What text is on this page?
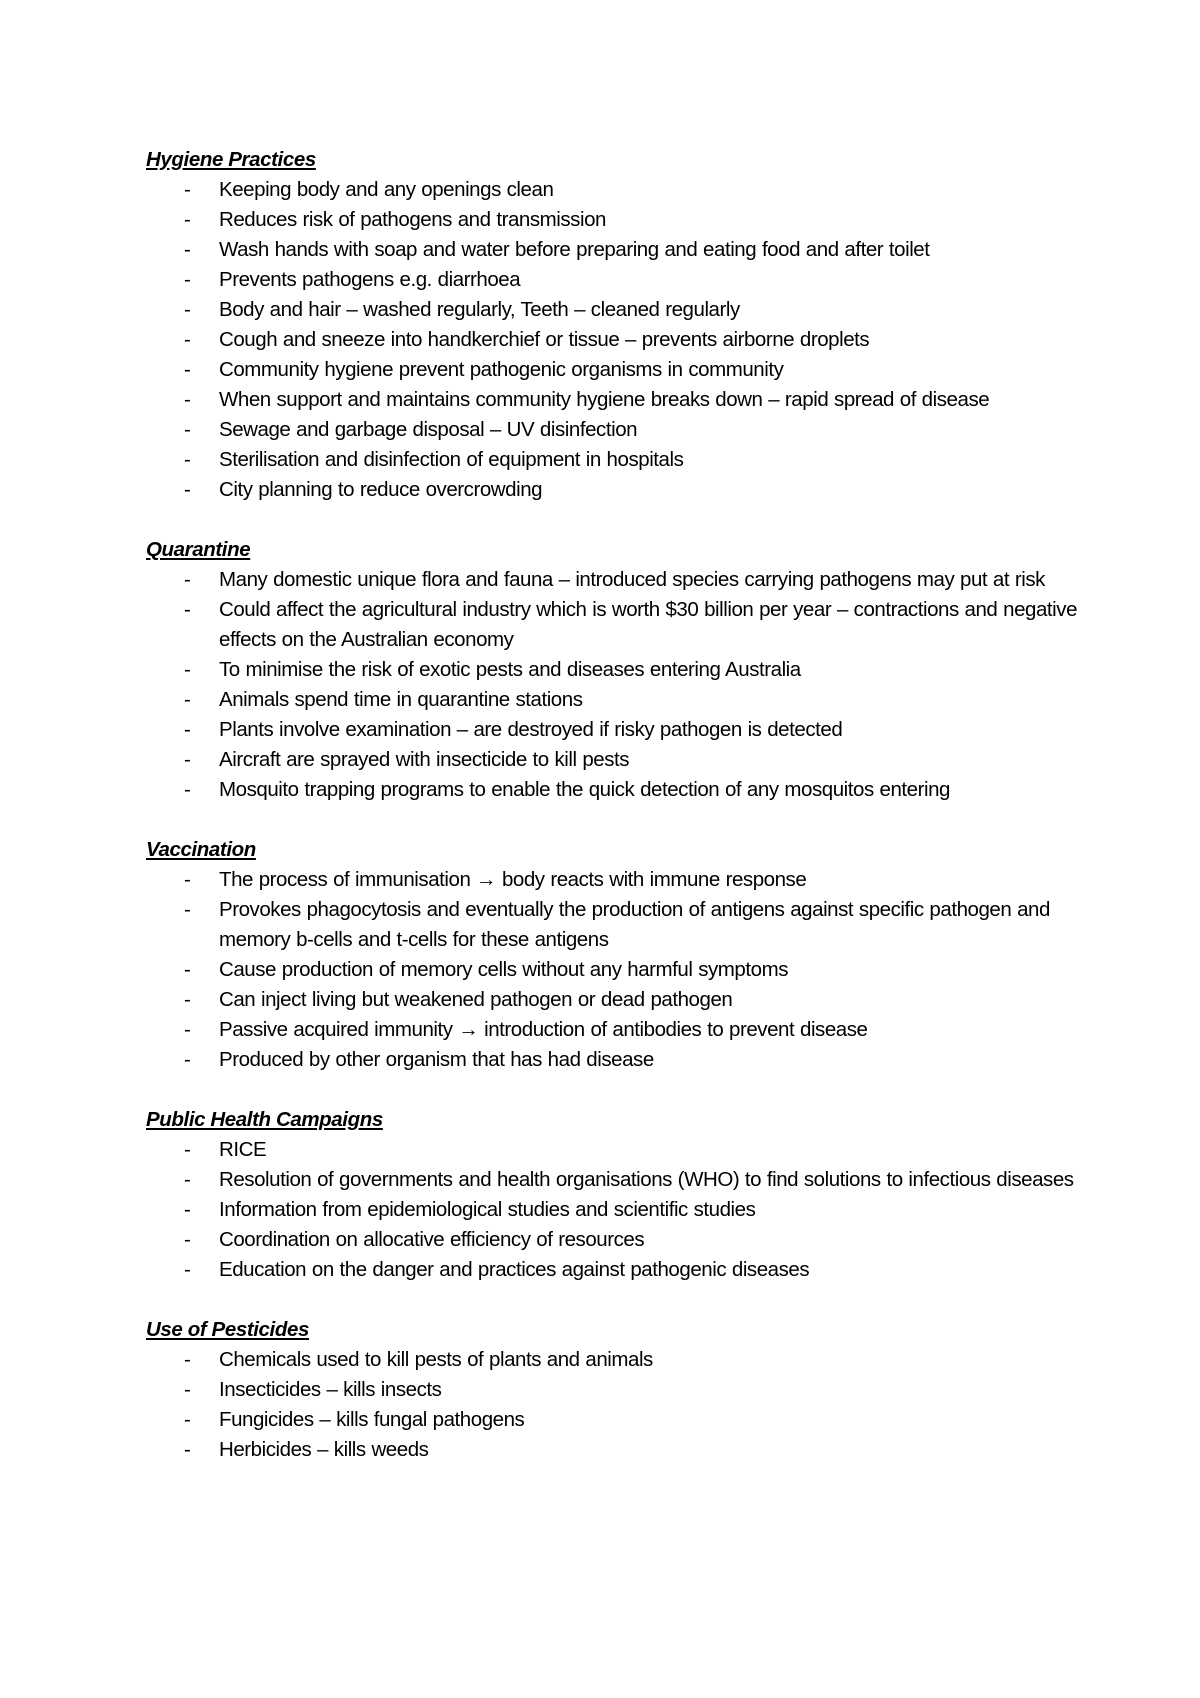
Hygiene Practices
-	Keeping body and any openings clean
-	Reduces risk of pathogens and transmission
-	Wash hands with soap and water before preparing and eating food and after toilet
-	Prevents pathogens e.g. diarrhoea
-	Body and hair – washed regularly, Teeth – cleaned regularly
-	Cough and sneeze into handkerchief or tissue – prevents airborne droplets
-	Community hygiene prevent pathogenic organisms in community
-	When support and maintains community hygiene breaks down – rapid spread of disease
-	Sewage and garbage disposal – UV disinfection
-	Sterilisation and disinfection of equipment in hospitals
-	City planning to reduce overcrowding
Quarantine
-	Many domestic unique flora and fauna – introduced species carrying pathogens may put at risk
-	Could affect the agricultural industry which is worth $30 billion per year – contractions and negative effects on the Australian economy
-	To minimise the risk of exotic pests and diseases entering Australia
-	Animals spend time in quarantine stations
-	Plants involve examination – are destroyed if risky pathogen is detected
-	Aircraft are sprayed with insecticide to kill pests
-	Mosquito trapping programs to enable the quick detection of any mosquitos entering
Vaccination
-	The process of immunisation → body reacts with immune response
-	Provokes phagocytosis and eventually the production of antigens against specific pathogen and memory b-cells and t-cells for these antigens
-	Cause production of memory cells without any harmful symptoms
-	Can inject living but weakened pathogen or dead pathogen
-	Passive acquired immunity → introduction of antibodies to prevent disease
-	Produced by other organism that has had disease
Public Health Campaigns
-	RICE
-	Resolution of governments and health organisations (WHO) to find solutions to infectious diseases
-	Information from epidemiological studies and scientific studies
-	Coordination on allocative efficiency of resources
-	Education on the danger and practices against pathogenic diseases
Use of Pesticides
-	Chemicals used to kill pests of plants and animals
-	Insecticides – kills insects
-	Fungicides – kills fungal pathogens
-	Herbicides – kills weeds
